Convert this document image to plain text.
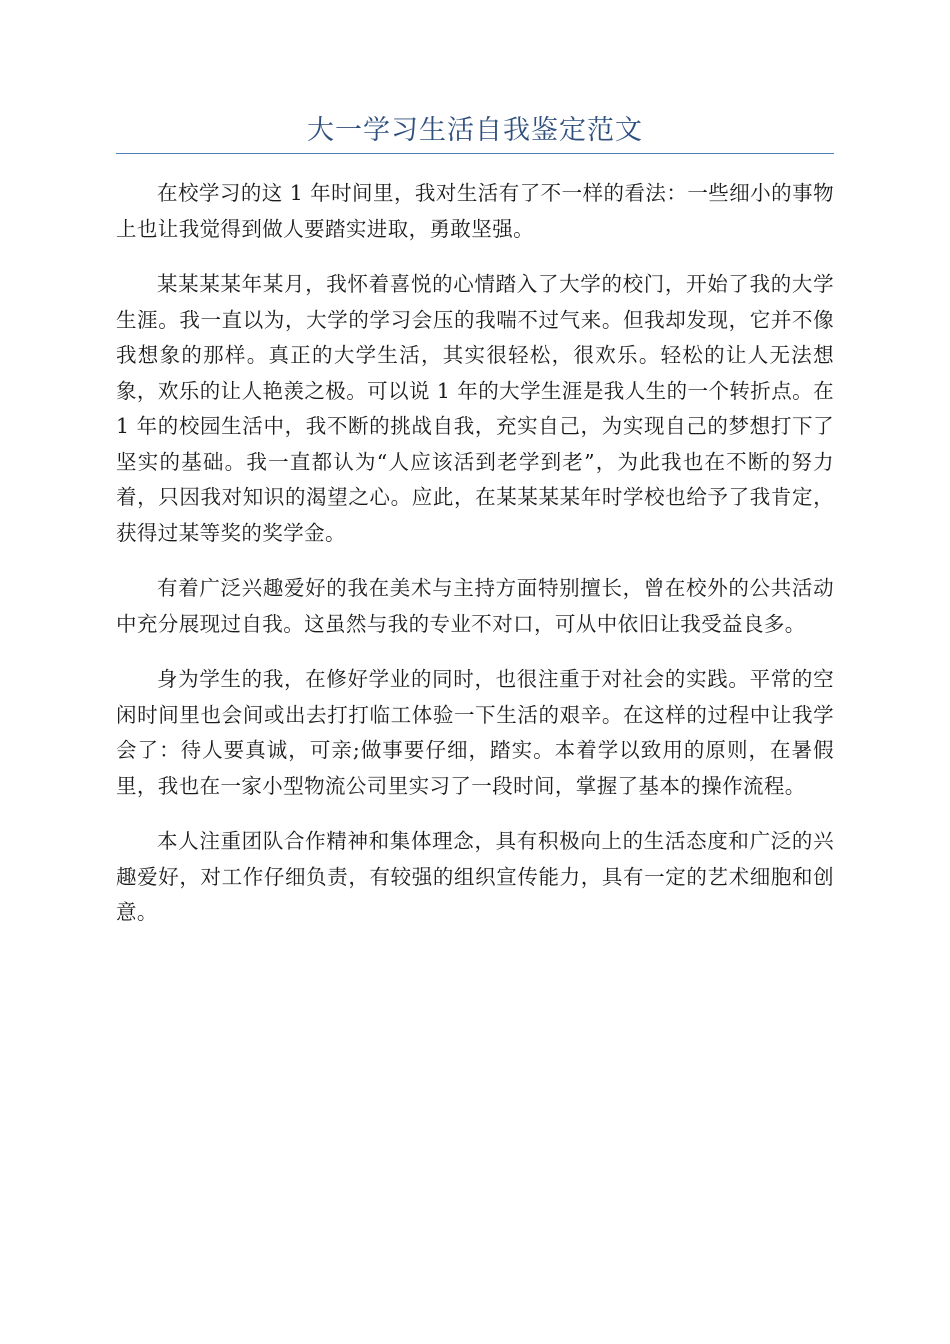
大一学习生活自我鉴定范文

在校学习的这 1 年时间里，我对生活有了不一样的看法：一些细小的事物上也让我觉得到做人要踏实进取，勇敢坚强。

某某某某年某月，我怀着喜悦的心情踏入了大学的校门，开始了我的大学生涯。我一直以为，大学的学习会压的我喘不过气来。但我却发现，它并不像我想象的那样。真正的大学生活，其实很轻松，很欢乐。轻松的让人无法想象，欢乐的让人艳羡之极。可以说 1 年的大学生涯是我人生的一个转折点。在 1 年的校园生活中，我不断的挑战自我，充实自己，为实现自己的梦想打下了坚实的基础。我一直都认为“人应该活到老学到老”，为此我也在不断的努力着，只因我对知识的渴望之心。应此，在某某某某年时学校也给予了我肯定，获得过某等奖的奖学金。

有着广泛兴趣爱好的我在美术与主持方面特别擅长，曾在校外的公共活动中充分展现过自我。这虽然与我的专业不对口，可从中依旧让我受益良多。

身为学生的我，在修好学业的同时，也很注重于对社会的实践。平常的空闲时间里也会间或出去打打临工体验一下生活的艰辛。在这样的过程中让我学会了：待人要真诚，可亲;做事要仔细，踏实。本着学以致用的原则，在暑假里，我也在一家小型物流公司里实习了一段时间，掌握了基本的操作流程。

本人注重团队合作精神和集体理念，具有积极向上的生活态度和广泛的兴趣爱好，对工作仔细负责，有较强的组织宣传能力，具有一定的艺术细胞和创意。
